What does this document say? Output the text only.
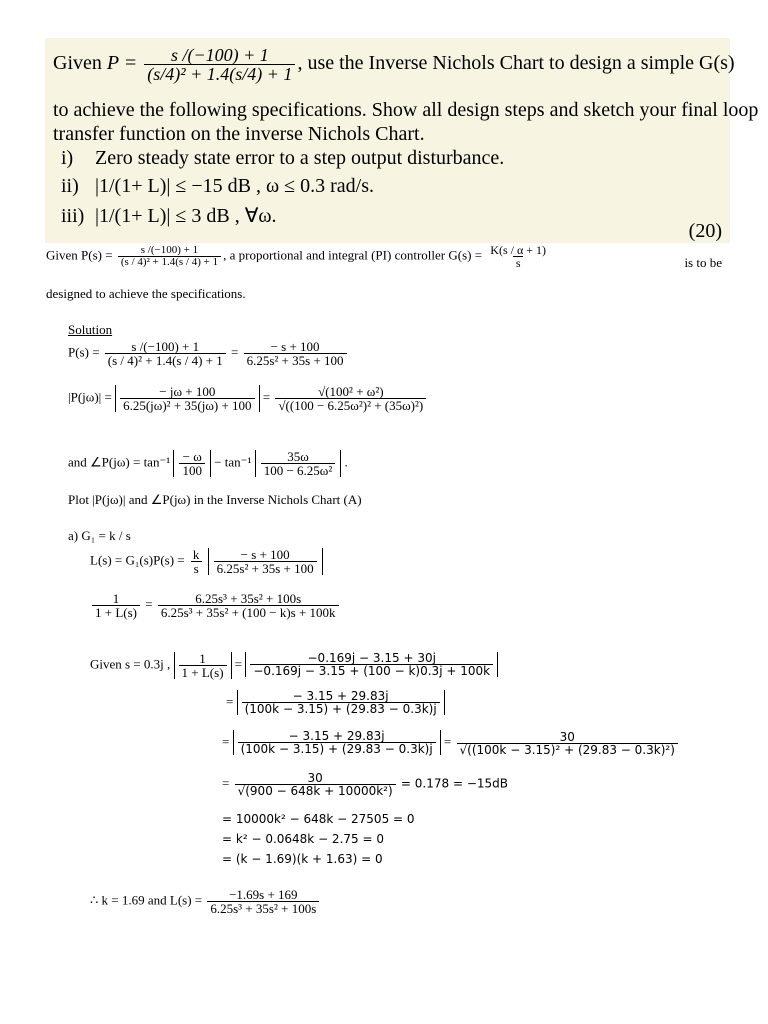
Given $P = \frac{s /(-100) + 1}{\text{(s/4)² + 1.4(s/4) + 1}}$ , use the Inverse Nichols Chart to design a simple G(s)
to achieve the following specifications. Show all design steps and sketch your final loop
transfer function on the inverse Nichols Chart.
i) Zero steady state error to a step output disturbance.
ii) |1/(1+ L)| ≤ −15 dB , ω ≤ 0.3 rad/s.
iii) |1/(1+ L)| ≤ 3 dB , ∀ω.
(20)
Given $P(s) = \frac{s /(-100) + 1}{\text{(s / 4)² + 1.4(s / 4) + 1}}$ , a proportional and integral (PI) controller $G(s) = \frac{K(s / \alpha + 1)}{s}$	is to be
designed to achieve the specifications.
Solution
$P(s) = \frac{s /(-100) + 1}{\text{(s / 4)² + 1.4(s / 4) + 1}} = \frac{- s + 100}{\text{6.25s² + 35s + 100}}$
$|P(j\omega)| = \frac{- j\omega + 100}{\text{6.25(jω)² + 35(jω) + 100}} = \frac{\text{√(100² + ω²)}}{\text{√((100 − 6.25ω²)² + (35ω)²)}}$
and ∠P(jω) = $\tan^{-1} \frac{- \omega}{100} - \tan^{-1} \frac{35\omega}{\text{100 − 6.25ω²}}$ .
Plot |P(jω)| and ∠P(jω) in the Inverse Nichols Chart (A)
a) G₁ = k / s
$L(s) = G_1(s)P(s) = \frac{k}{s}$
$\frac{- s + 100}{\text{6.25s² + 35s + 100}}$
$\frac{1}{1 + L(s)} = \frac{\text{6.25s³ + 35s² + 100s}}{\text{6.25s³ + 35s² + (100 − k)s + 100k}}$
Given s = 0.3j , $\frac{1}{1 + L(s)} = \frac{-0.169j - 3.15 + 30j}{-0.169j - 3.15 + (100 - k)0.3j + 100k}$
= $\frac{- 3.15 + 29.83j}{(100k - 3.15) + (29.83 - 0.3k)j}$
= $\frac{- 3.15 + 29.83j}{(100k - 3.15) + (29.83 - 0.3k)j} = \frac{30}{\text{√((100k − 3.15)² + (29.83 − 0.3k)²)}}$
= $\frac{30}{\text{√(900 − 648k + 10000k²)}} = 0.178 = -15dB$
= 10000k² − 648k − 27505 = 0
= k² − 0.0648k − 2.75 = 0
= (k − 1.69)(k + 1.63) = 0
∴ k = 1.69 and $L(s) = \frac{-1.69s + 169}{\text{6.25s³ + 35s² + 100s}}$
